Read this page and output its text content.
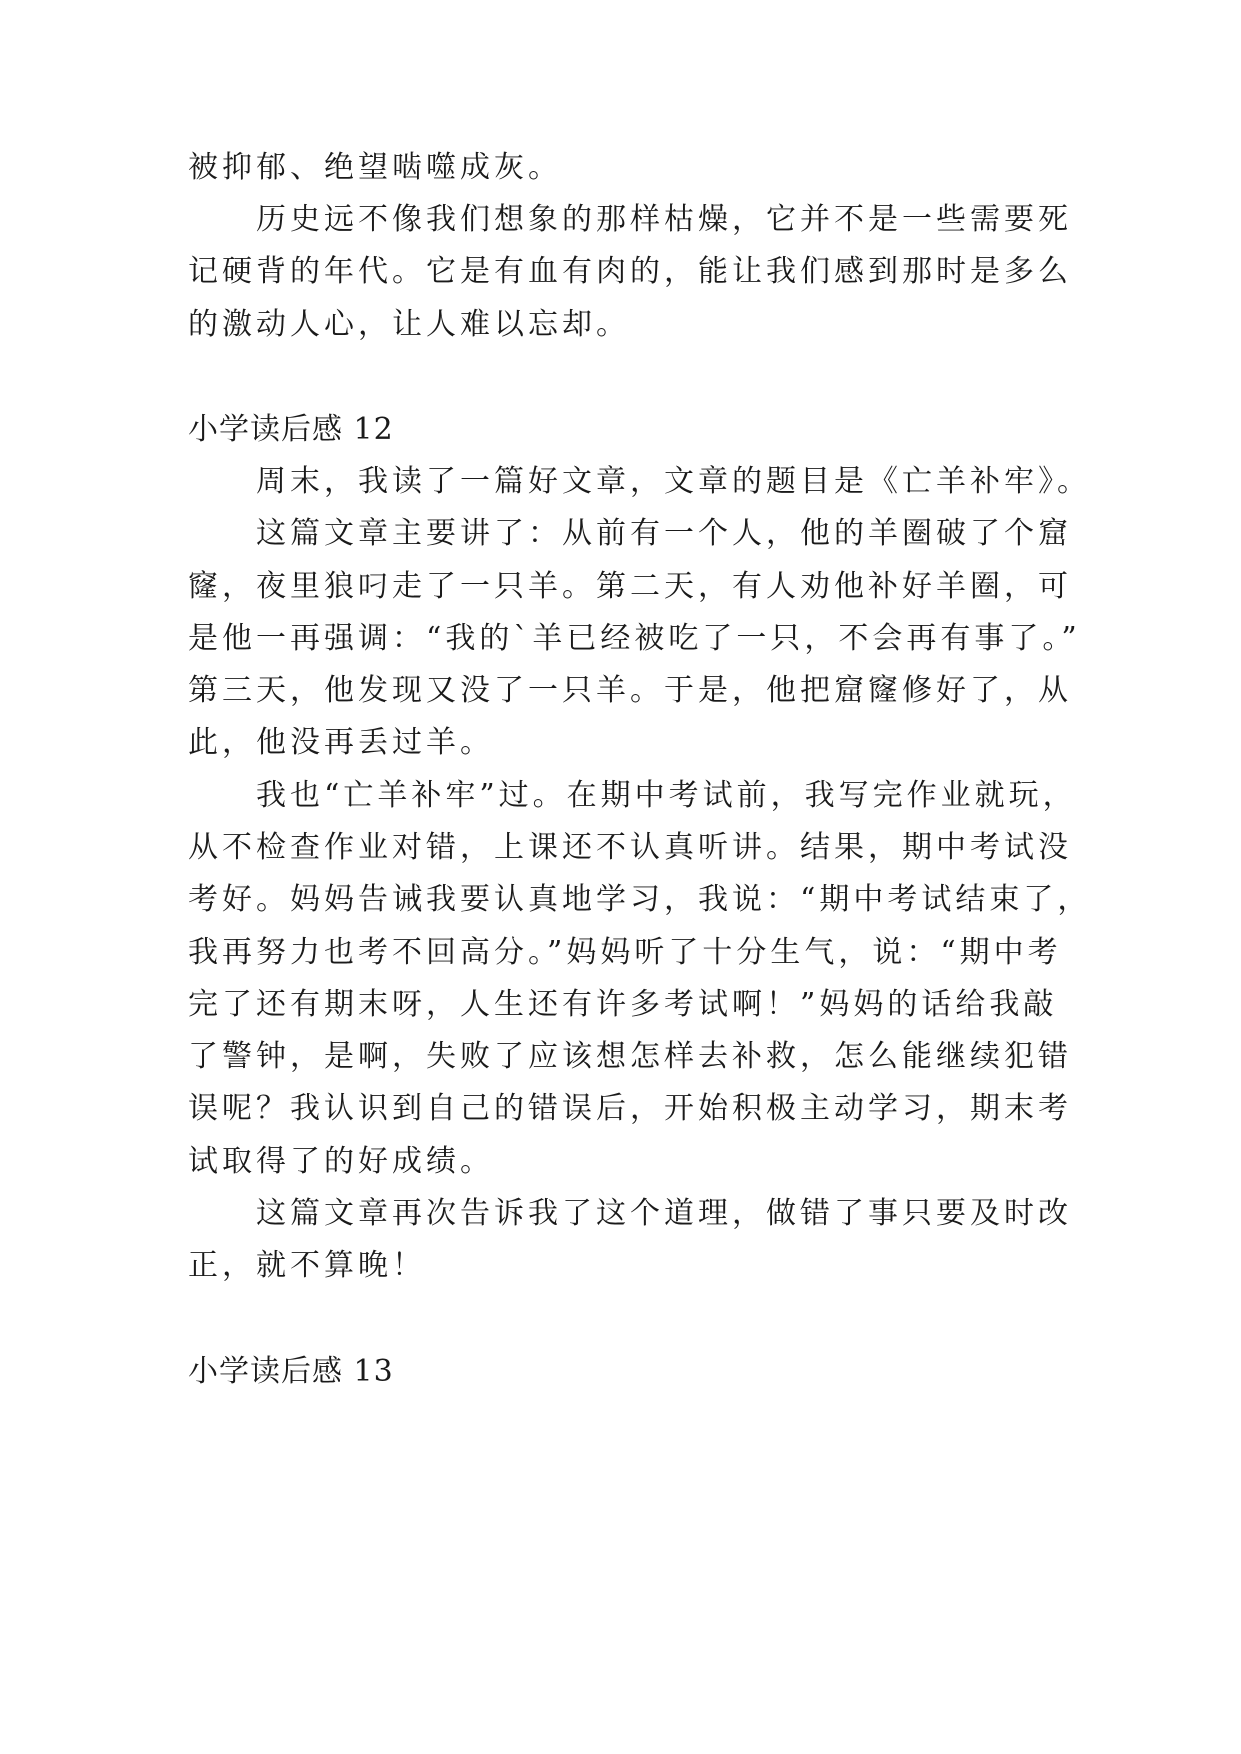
被抑郁、绝望啮噬成灰。
历史远不像我们想象的那样枯燥，它并不是一些需要死
记硬背的年代。它是有血有肉的，能让我们感到那时是多么
的激动人心，让人难以忘却。
小学读后感 12
周末，我读了一篇好文章，文章的题目是《亡羊补牢》。
这篇文章主要讲了：从前有一个人，他的羊圈破了个窟
窿，夜里狼叼走了一只羊。第二天，有人劝他补好羊圈，可
是他一再强调：“我的`羊已经被吃了一只，不会再有事了。”
第三天，他发现又没了一只羊。于是，他把窟窿修好了，从
此，他没再丢过羊。
我也“亡羊补牢”过。在期中考试前，我写完作业就玩，
从不检查作业对错，上课还不认真听讲。结果，期中考试没
考好。妈妈告诫我要认真地学习，我说：“期中考试结束了，
我再努力也考不回高分。”妈妈听了十分生气，说：“期中考
完了还有期末呀，人生还有许多考试啊！”妈妈的话给我敲
了警钟，是啊，失败了应该想怎样去补救，怎么能继续犯错
误呢？我认识到自己的错误后，开始积极主动学习，期末考
试取得了的好成绩。
这篇文章再次告诉我了这个道理，做错了事只要及时改
正，就不算晚！
小学读后感 13
